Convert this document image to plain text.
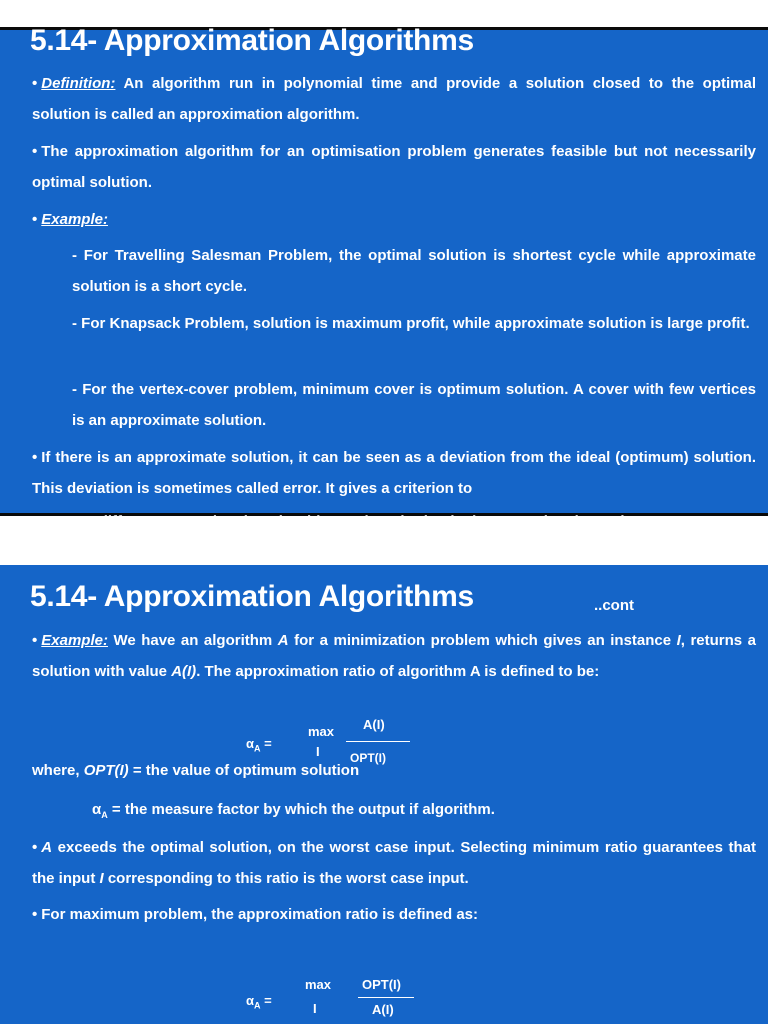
5.14- Approximation Algorithms
• Definition: An algorithm run in polynomial time and provide a solution closed to the optimal solution is called an approximation algorithm.
• The approximation algorithm for an optimisation problem generates feasible but not necessarily optimal solution.
• Example:
- For Travelling Salesman Problem, the optimal solution is shortest cycle while approximate solution is a short cycle.
- For Knapsack Problem, solution is maximum profit, while approximate solution is large profit.
- For the vertex-cover problem, minimum cover is optimum solution. A cover with few vertices is an approximate solution.
• If there is an approximate solution, it can be seen as a deviation from the ideal (optimum) solution. This deviation is sometimes called error. It gives a criterion to
5.14- Approximation Algorithms	..cont
• Example: We have an algorithm A for a minimization problem which gives an instance I, returns a solution with value A(I). The approximation ratio of algorithm A is defined to be:
$\alpha_A$ =
max
I
A(I)
OPT(I)
where, OPT(I) = the value of optimum solution
$\alpha_A$ = the measure factor by which the output if algorithm.
• A exceeds the optimal solution, on the worst case input. Selecting minimum ratio guarantees that the input I corresponding to this ratio is the worst case input.
• For maximum problem, the approximation ratio is defined as:
$\alpha_A$ =
max
I
OPT(I)
A(I)
